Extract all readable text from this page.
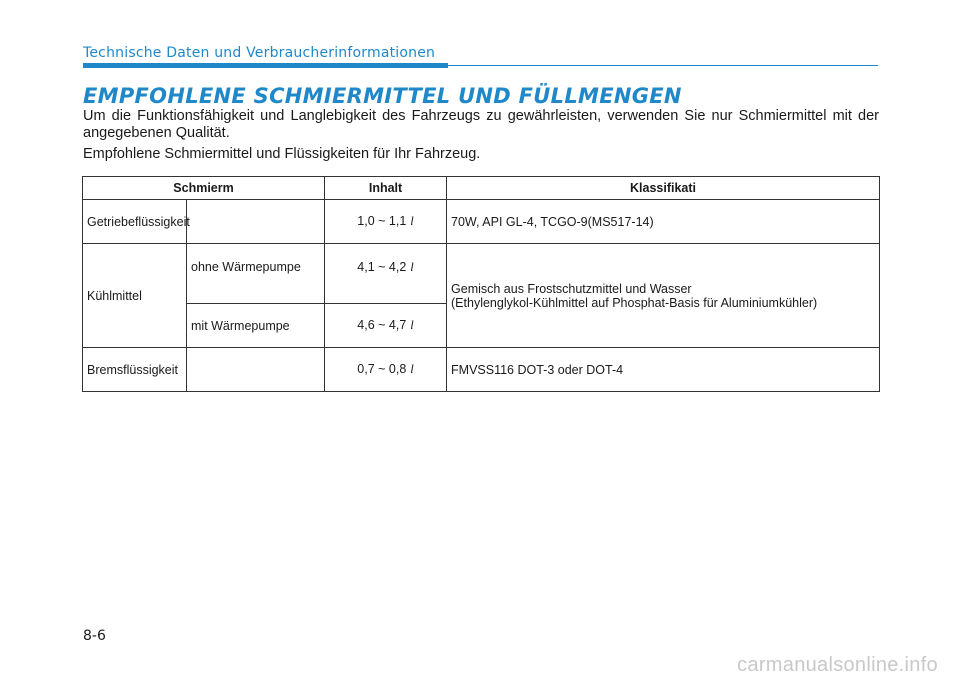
Technische Daten und Verbraucherinformationen
EMPFOHLENE SCHMIERMITTEL UND FÜLLMENGEN

Um die Funktionsfähigkeit und Langlebigkeit des Fahrzeugs zu gewährleisten, verwenden Sie nur Schmiermittel mit der angegebenen Qualität.

Empfohlene Schmiermittel und Flüssigkeiten für Ihr Fahrzeug.

Schmierm		Inhalt	Klassifikati
Getriebeflüssigkeit		1,0 ~ 1,1 l	70W, API GL-4, TCGO-9(MS517-14)
Kühlmittel	ohne Wärmepumpe	4,1 ~ 4,2 l	Gemisch aus Frostschutzmittel und Wasser
(Ethylenglykol-Kühlmittel auf Phosphat-Basis für Aluminiumkühler)

	mit Wärmepumpe	4,6 ~ 4,7 l	
Bremsflüssigkeit		0,7 ~ 0,8 l	FMVSS116 DOT-3 oder DOT-4
8-6
carmanualsonline.info
